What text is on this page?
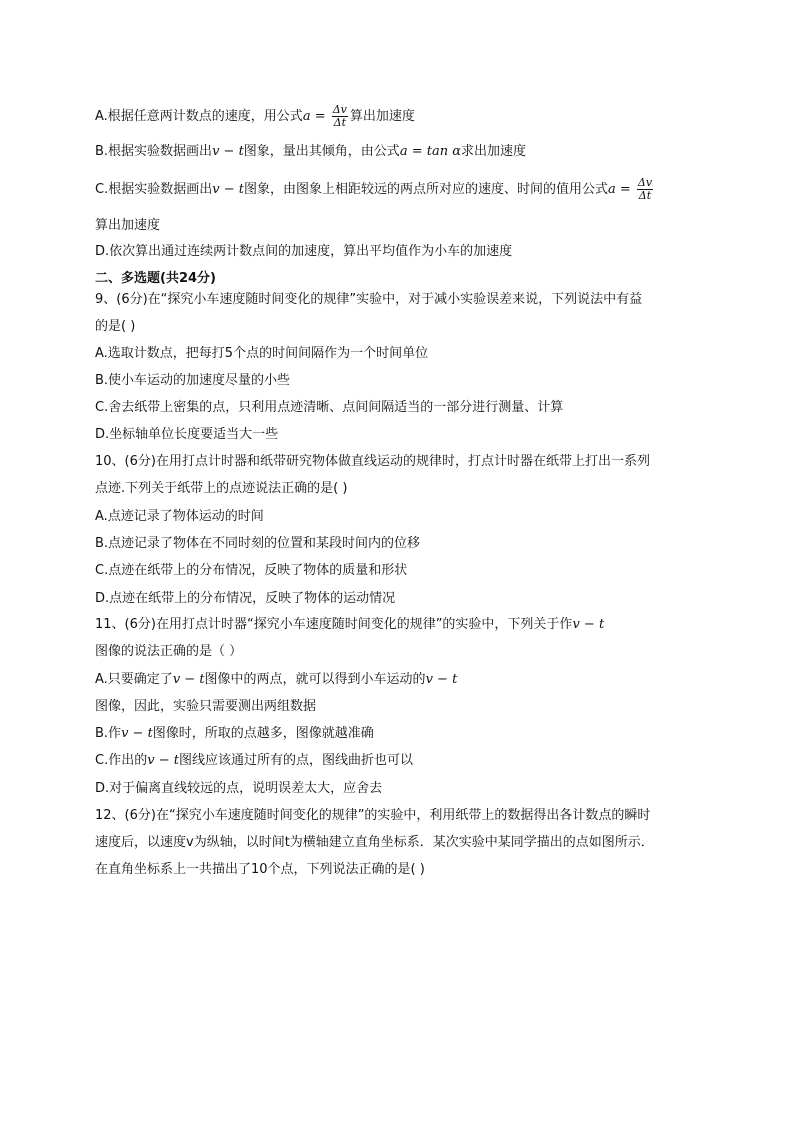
A.根据任意两计数点的速度，用公式$a = \frac{\Delta v}{\Delta t}$ 算出加速度
B.根据实验数据画出v − t图象，量出其倾角，由公式a = tan α求出加速度
C.根据实验数据画出v − t图象，由图象上相距较远的两点所对应的速度、时间的值用公式$a = \frac{\Delta v}{\Delta t}$
算出加速度
D.依次算出通过连续两计数点间的加速度，算出平均值作为小车的加速度
二、多选题(共24分)
9、(6分)在“探究小车速度随时间变化的规律”实验中，对于减小实验误差来说，下列说法中有益
的是( )
A.选取计数点，把每打5个点的时间间隔作为一个时间单位
B.使小车运动的加速度尽量的小些
C.舍去纸带上密集的点，只利用点迹清晰、点间间隔适当的一部分进行测量、计算
D.坐标轴单位长度要适当大一些
10、(6分)在用打点计时器和纸带研究物体做直线运动的规律时，打点计时器在纸带上打出一系列
点迹.下列关于纸带上的点迹说法正确的是( )
A.点迹记录了物体运动的时间
B.点迹记录了物体在不同时刻的位置和某段时间内的位移
C.点迹在纸带上的分布情况，反映了物体的质量和形状
D.点迹在纸带上的分布情况，反映了物体的运动情况
11、(6分)在用打点计时器“探究小车速度随时间变化的规律”的实验中，下列关于作v − t
图像的说法正确的是（ ）
A.只要确定了v − t图像中的两点，就可以得到小车运动的v − t
图像，因此，实验只需要测出两组数据
B.作v − t图像时，所取的点越多，图像就越准确
C.作出的v − t图线应该通过所有的点，图线曲折也可以
D.对于偏离直线较远的点，说明误差太大，应舍去
12、(6分)在“探究小车速度随时间变化的规律”的实验中，利用纸带上的数据得出各计数点的瞬时
速度后，以速度v为纵轴，以时间t为横轴建立直角坐标系．某次实验中某同学描出的点如图所示．
在直角坐标系上一共描出了10个点，下列说法正确的是( )
